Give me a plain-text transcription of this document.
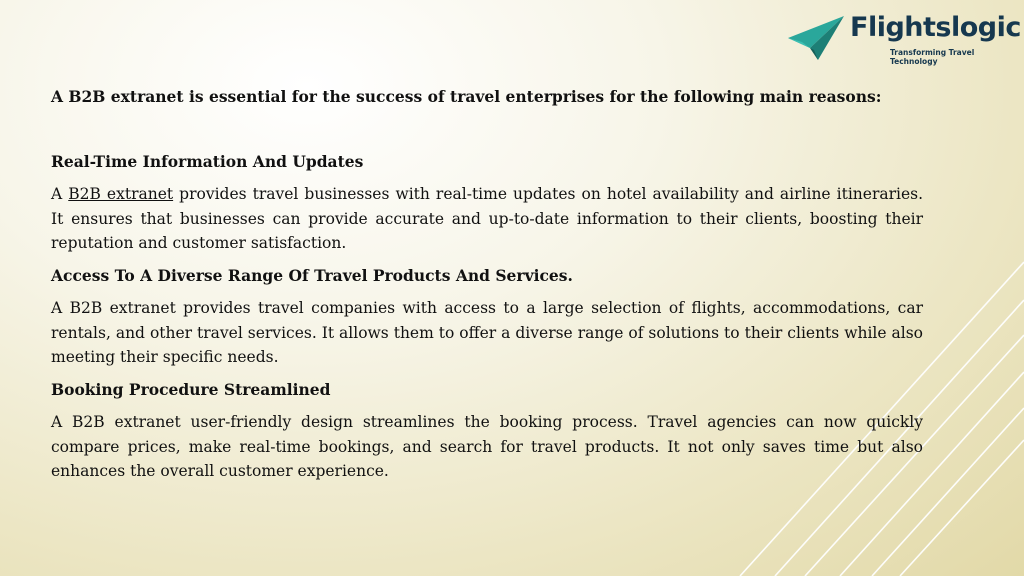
Flightslogic
Transforming Travel Technology

A B2B extranet is essential for the success of travel enterprises for the following main reasons:

Real-Time Information And Updates

A B2B extranet provides travel businesses with real-time updates on hotel availability and airline itineraries. It ensures that businesses can provide accurate and up-to-date information to their clients, boosting their reputation and customer satisfaction.

Access To A Diverse Range Of Travel Products And Services.

A B2B extranet provides travel companies with access to a large selection of flights, accommodations, car rentals, and other travel services. It allows them to offer a diverse range of solutions to their clients while also meeting their specific needs.

Booking Procedure Streamlined

A B2B extranet user-friendly design streamlines the booking process. Travel agencies can now quickly compare prices, make real-time bookings, and search for travel products. It not only saves time but also enhances the overall customer experience.
